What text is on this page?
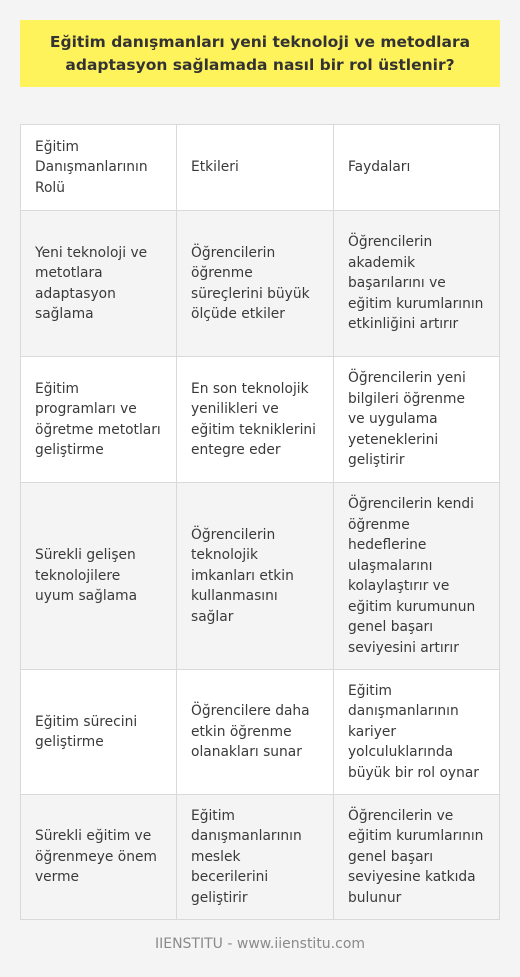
Eğitim danışmanları yeni teknoloji ve metodlara adaptasyon sağlamada nasıl bir rol üstlenir?
Eğitim Danışmanlarının Rolü
Etkileri	Faydaları
Yeni teknoloji ve metotlara adaptasyon sağlama
Öğrencilerin öğrenme süreçlerini büyük ölçüde etkiler
Öğrencilerin akademik başarılarını ve eğitim kurumlarının etkinliğini artırır
Eğitim programları ve öğretme metotları geliştirme
En son teknolojik yenilikleri ve eğitim tekniklerini entegre eder
Öğrencilerin yeni bilgileri öğrenme ve uygulama yeteneklerini geliştirir
Sürekli gelişen teknolojilere uyum sağlama
Öğrencilerin teknolojik imkanları etkin kullanmasını sağlar
Öğrencilerin kendi öğrenme hedeflerine ulaşmalarını kolaylaştırır ve eğitim kurumunun genel başarı seviyesini artırır
Eğitim sürecini geliştirme
Öğrencilere daha etkin öğrenme olanakları sunar
Eğitim danışmanlarının kariyer yolculuklarında büyük bir rol oynar
Sürekli eğitim ve öğrenmeye önem verme
Eğitim danışmanlarının meslek becerilerini geliştirir
Öğrencilerin ve eğitim kurumlarının genel başarı seviyesine katkıda bulunur
IIENSTITU - www.iienstitu.com
